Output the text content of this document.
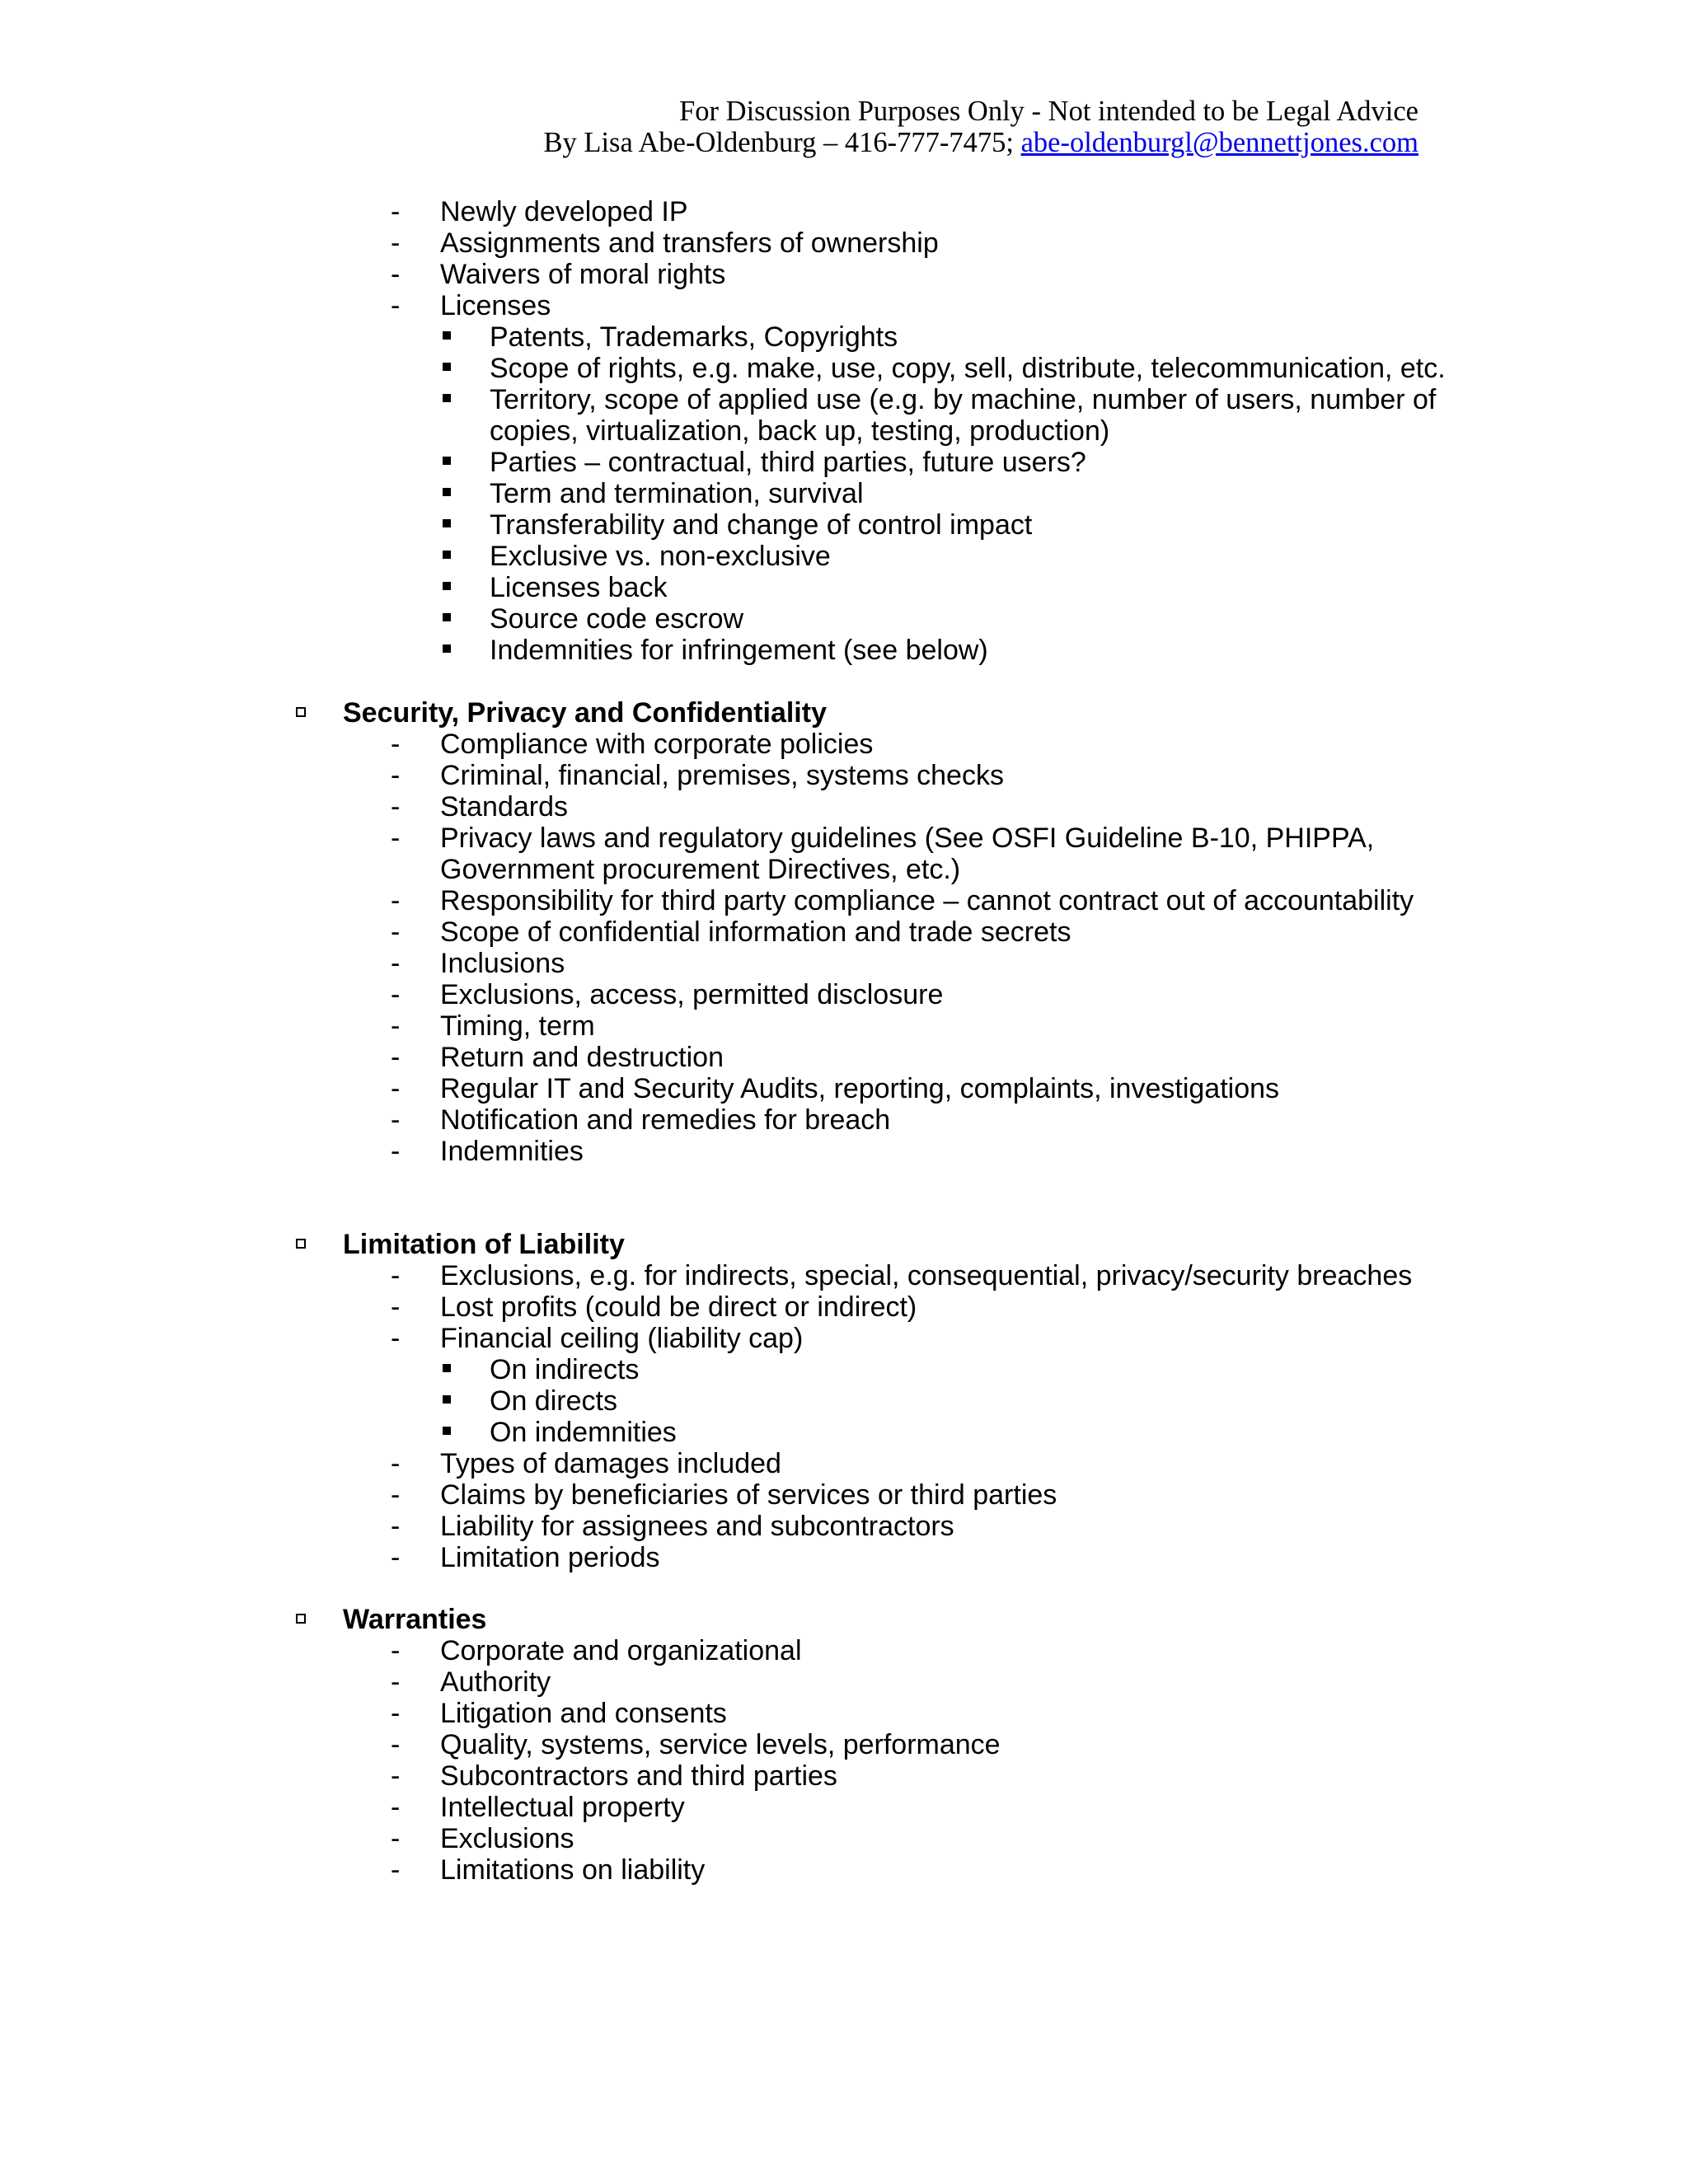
For Discussion Purposes Only - Not intended to be Legal Advice
By Lisa Abe-Oldenburg – 416-777-7475; abe-oldenburgl@bennettjones.com
- Newly developed IP
- Assignments and transfers of ownership
- Waivers of moral rights
- Licenses
Patents, Trademarks, Copyrights
Scope of rights, e.g. make, use, copy, sell, distribute, telecommunication, etc.
Territory, scope of applied use (e.g. by machine, number of users, number of
copies, virtualization, back up, testing, production)
Parties – contractual, third parties, future users?
Term and termination, survival
Transferability and change of control impact
Exclusive vs. non-exclusive
Licenses back
Source code escrow
Indemnities for infringement (see below)
Security, Privacy and Confidentiality
- Compliance with corporate policies
- Criminal, financial, premises, systems checks
- Standards
- Privacy laws and regulatory guidelines (See OSFI Guideline B-10, PHIPPA,
Government procurement Directives, etc.)
- Responsibility for third party compliance – cannot contract out of accountability
- Scope of confidential information and trade secrets
- Inclusions
- Exclusions, access, permitted disclosure
- Timing, term
- Return and destruction
- Regular IT and Security Audits, reporting, complaints, investigations
- Notification and remedies for breach
- Indemnities
Limitation of Liability
- Exclusions, e.g. for indirects, special, consequential, privacy/security breaches
- Lost profits (could be direct or indirect)
- Financial ceiling (liability cap)
On indirects
On directs
On indemnities
- Types of damages included
- Claims by beneficiaries of services or third parties
- Liability for assignees and subcontractors
- Limitation periods
Warranties
- Corporate and organizational
- Authority
- Litigation and consents
- Quality, systems, service levels, performance
- Subcontractors and third parties
- Intellectual property
- Exclusions
- Limitations on liability
